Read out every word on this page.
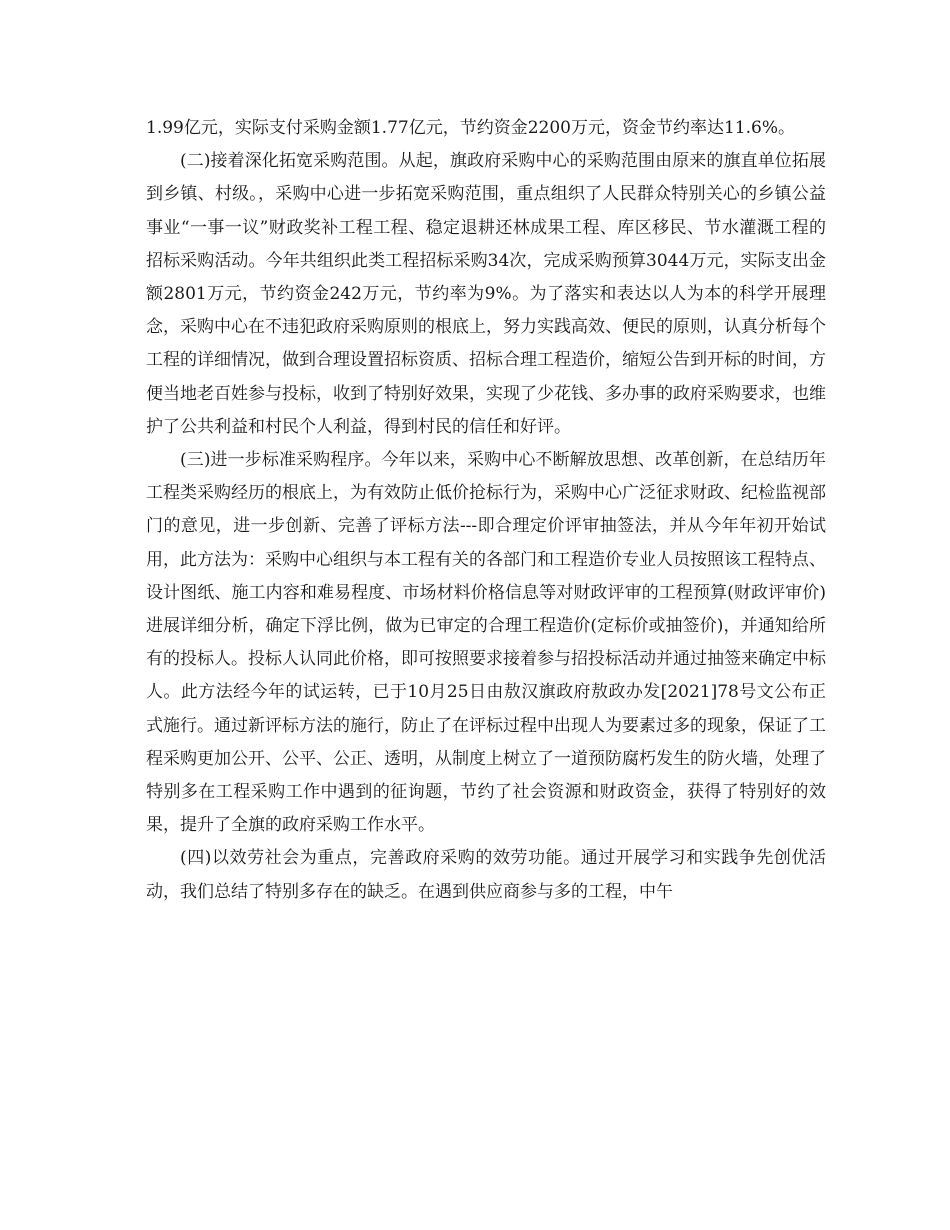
1.99亿元，实际支付采购金额1.77亿元，节约资金2200万元，资金节约率达11.6%。

(二)接着深化拓宽采购范围。从起，旗政府采购中心的采购范围由原来的旗直单位拓展到乡镇、村级。，采购中心进一步拓宽采购范围，重点组织了人民群众特别关心的乡镇公益事业“一事一议”财政奖补工程工程、稳定退耕还林成果工程、库区移民、节水灌溉工程的招标采购活动。今年共组织此类工程招标采购34次，完成采购预算3044万元，实际支出金额2801万元，节约资金242万元，节约率为9%。为了落实和表达以人为本的科学开展理念，采购中心在不违犯政府采购原则的根底上，努力实践高效、便民的原则，认真分析每个工程的详细情况，做到合理设置招标资质、招标合理工程造价，缩短公告到开标的时间，方便当地老百姓参与投标，收到了特别好效果，实现了少花钱、多办事的政府采购要求，也维护了公共利益和村民个人利益，得到村民的信任和好评。

(三)进一步标准采购程序。今年以来，采购中心不断解放思想、改革创新，在总结历年工程类采购经历的根底上，为有效防止低价抢标行为，采购中心广泛征求财政、纪检监视部门的意见，进一步创新、完善了评标方法---即合理定价评审抽签法，并从今年年初开始试用，此方法为：采购中心组织与本工程有关的各部门和工程造价专业人员按照该工程特点、设计图纸、施工内容和难易程度、市场材料价格信息等对财政评审的工程预算(财政评审价)进展详细分析，确定下浮比例，做为已审定的合理工程造价(定标价或抽签价)，并通知给所有的投标人。投标人认同此价格，即可按照要求接着参与招投标活动并通过抽签来确定中标人。此方法经今年的试运转，已于10月25日由敖汉旗政府敖政办发[2021]78号文公布正式施行。通过新评标方法的施行，防止了在评标过程中出现人为要素过多的现象，保证了工程采购更加公开、公平、公正、透明，从制度上树立了一道预防腐朽发生的防火墙，处理了特别多在工程采购工作中遇到的征询题，节约了社会资源和财政资金，获得了特别好的效果，提升了全旗的政府采购工作水平。

(四)以效劳社会为重点，完善政府采购的效劳功能。通过开展学习和实践争先创优活动，我们总结了特别多存在的缺乏。在遇到供应商参与多的工程，中午
